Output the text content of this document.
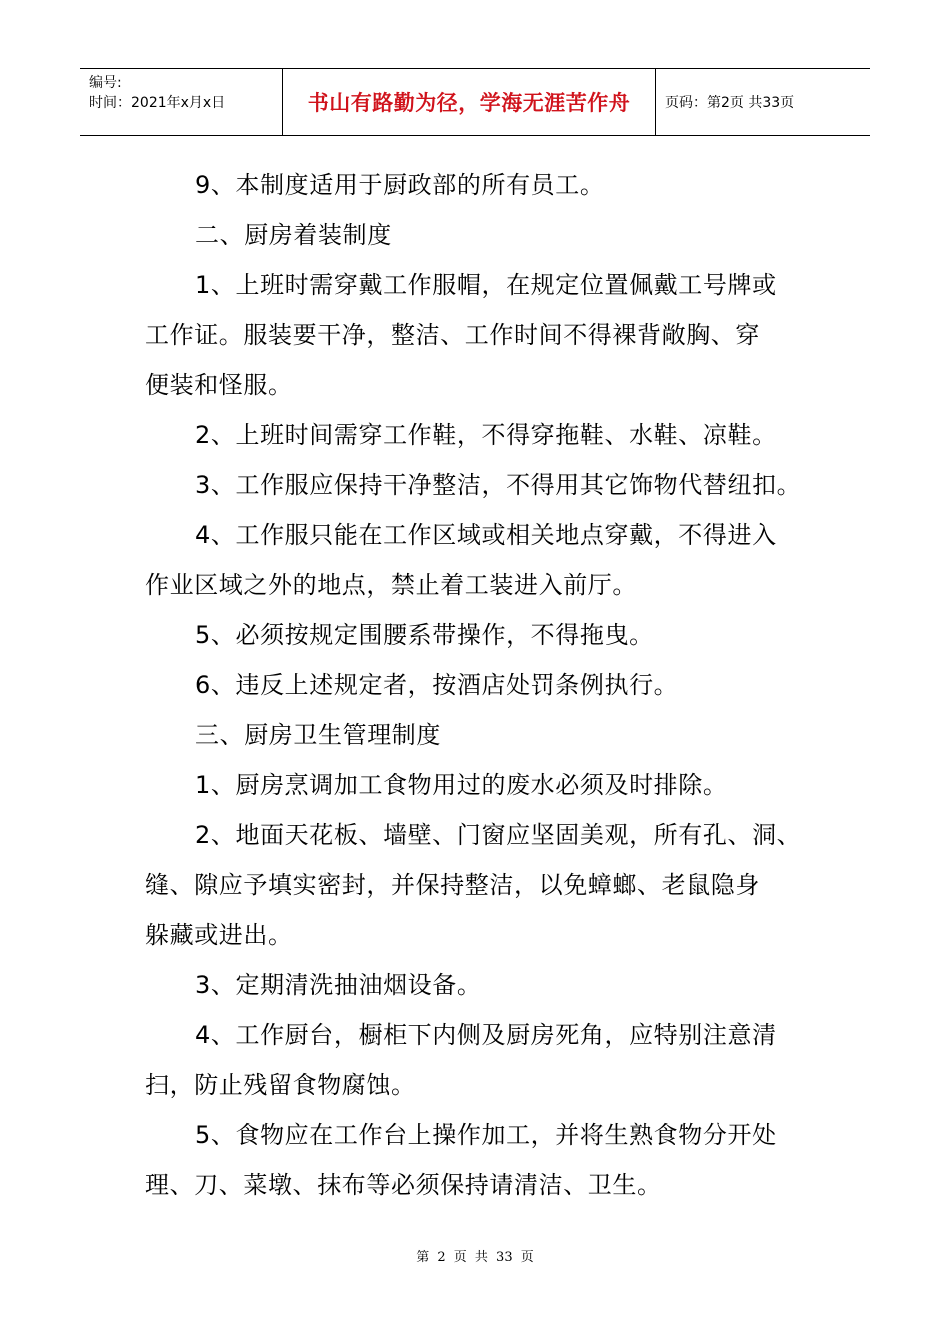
编号:
时间：2021年x月x日	书山有路勤为径，学海无涯苦作舟 页码：第2页 共33页
9、本制度适用于厨政部的所有员工。
二、厨房着装制度
1、上班时需穿戴工作服帽，在规定位置佩戴工号牌或
工作证。服装要干净，整洁、工作时间不得裸背敞胸、穿
便装和怪服。
2、上班时间需穿工作鞋，不得穿拖鞋、水鞋、凉鞋。
3、工作服应保持干净整洁，不得用其它饰物代替纽扣。
4、工作服只能在工作区域或相关地点穿戴，不得进入
作业区域之外的地点，禁止着工装进入前厅。
5、必须按规定围腰系带操作，不得拖曳。
6、违反上述规定者，按酒店处罚条例执行。
三、厨房卫生管理制度
1、厨房烹调加工食物用过的废水必须及时排除。
2、地面天花板、墙壁、门窗应坚固美观，所有孔、洞、
缝、隙应予填实密封，并保持整洁，以免蟑螂、老鼠隐身
躲藏或进出。
3、定期清洗抽油烟设备。
4、工作厨台，橱柜下内侧及厨房死角，应特别注意清
扫，防止残留食物腐蚀。
5、食物应在工作台上操作加工，并将生熟食物分开处
理、刀、菜墩、抹布等必须保持请清洁、卫生。
第 2 页 共 33 页
